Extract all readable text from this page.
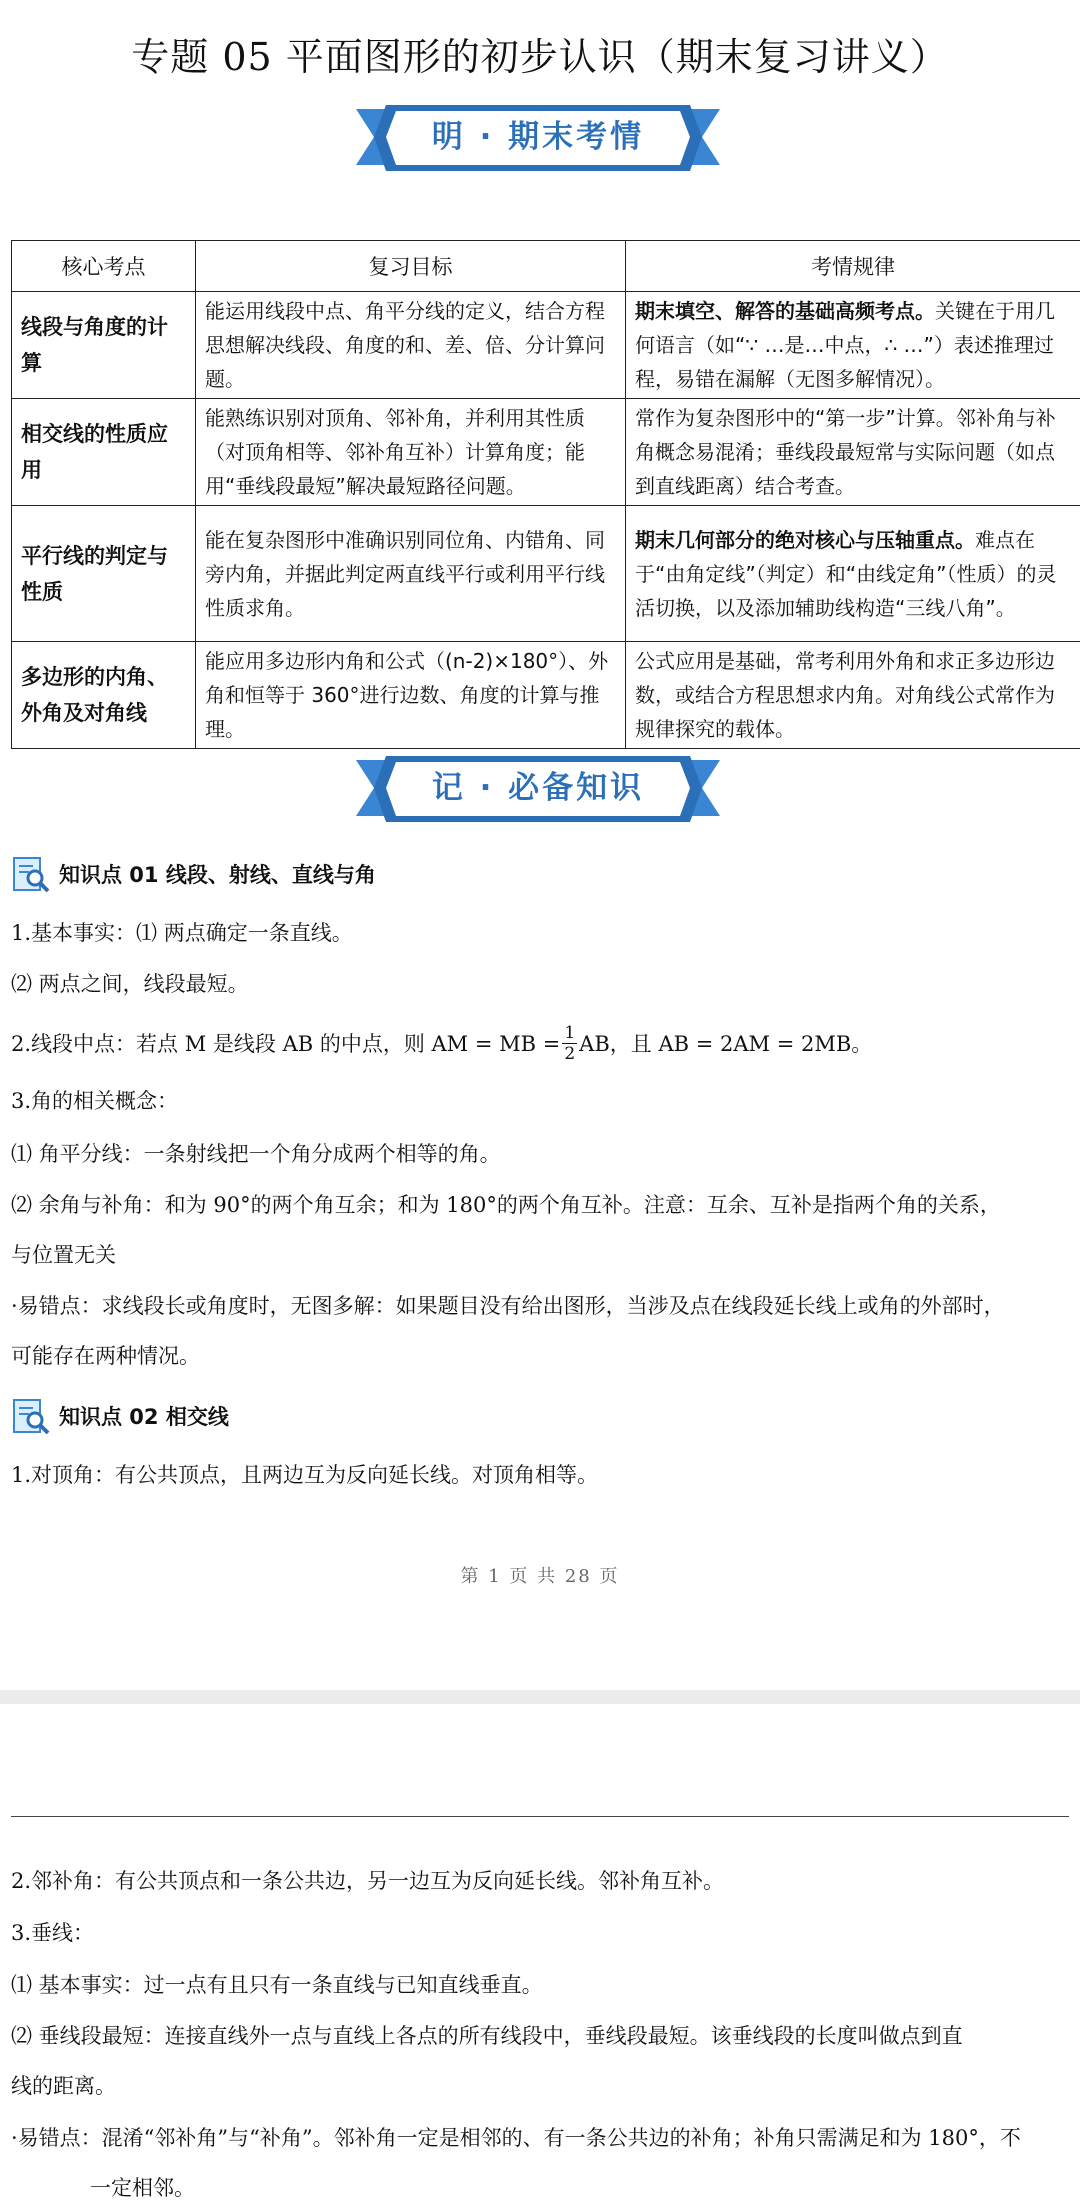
专题 05 平面图形的初步认识（期末复习讲义）
明 · 期末考情
核心考点	复习目标	考情规律
线段与角度的计算	能运用线段中点、角平分线的定义，结合方程思想解决线段、角度的和、差、倍、分计算问题。	期末填空、解答的基础高频考点。关键在于用几何语言（如“∵ …是…中点，∴ …”）表述推理过程，易错在漏解（无图多解情况）。
相交线的性质应用	能熟练识别对顶角、邻补角，并利用其性质（对顶角相等、邻补角互补）计算角度；能用“垂线段最短”解决最短路径问题。	常作为复杂图形中的“第一步”计算。邻补角与补角概念易混淆；垂线段最短常与实际问题（如点到直线距离）结合考查。
平行线的判定与性质	能在复杂图形中准确识别同位角、内错角、同旁内角，并据此判定两直线平行或利用平行线性质求角。	期末几何部分的绝对核心与压轴重点。难点在于“由角定线”（判定）和“由线定角”（性质）的灵活切换，以及添加辅助线构造“三线八角”。
多边形的内角、外角及对角线	能应用多边形内角和公式（(n-2)×180°）、外角和恒等于 360°进行边数、角度的计算与推理。	公式应用是基础，常考利用外角和求正多边形边数，或结合方程思想求内角。对角线公式常作为规律探究的载体。
记 · 必备知识
知识点 01 线段、射线、直线与角
1.基本事实：⑴ 两点确定一条直线。
⑵ 两点之间，线段最短。
2.线段中点：若点 M 是线段 AB 的中点，则 AM = MB = $\frac{1}{2}$ AB，且 AB = 2AM = 2MB。
3.角的相关概念：
⑴ 角平分线：一条射线把一个角分成两个相等的角。
⑵ 余角与补角：和为 90°的两个角互余；和为 180°的两个角互补。注意：互余、互补是指两个角的关系，
与位置无关
·易错点：求线段长或角度时，无图多解：如果题目没有给出图形，当涉及点在线段延长线上或角的外部时，
可能存在两种情况。
知识点 02 相交线
1.对顶角：有公共顶点，且两边互为反向延长线。对顶角相等。
第 1 页 共 28 页
2.邻补角：有公共顶点和一条公共边，另一边互为反向延长线。邻补角互补。
3.垂线：
⑴ 基本事实：过一点有且只有一条直线与已知直线垂直。
⑵ 垂线段最短：连接直线外一点与直线上各点的所有线段中，垂线段最短。该垂线段的长度叫做点到直
线的距离。
·易错点：混淆“邻补角”与“补角”。邻补角一定是相邻的、有一条公共边的补角；补角只需满足和为 180°，不
一定相邻。
